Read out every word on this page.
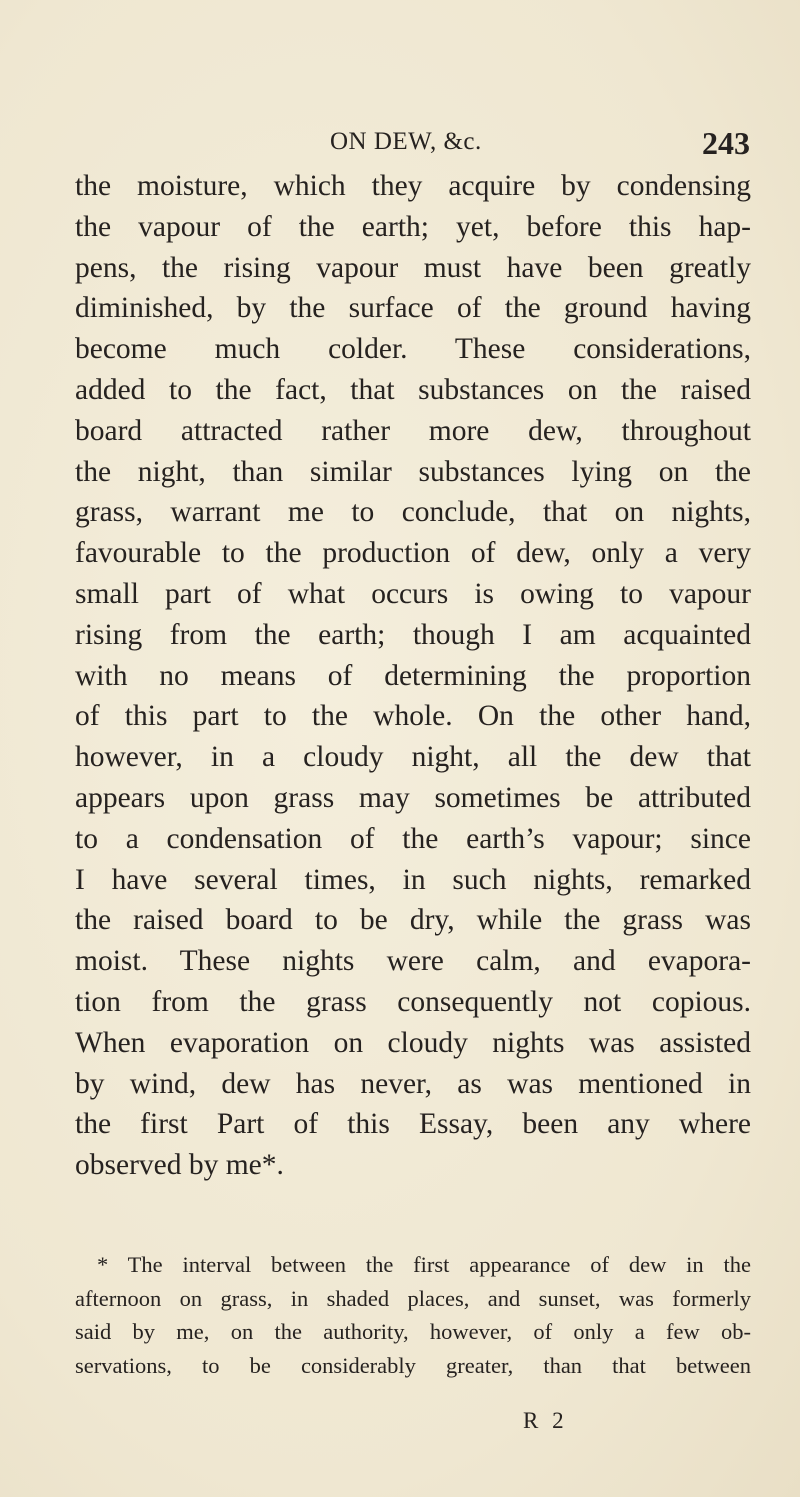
ON DEW, &c.	243
the moisture, which they acquire by condensing
the vapour of the earth; yet, before this hap-
pens, the rising vapour must have been greatly
diminished, by the surface of the ground having
become much colder. These considerations,
added to the fact, that substances on the raised
board attracted rather more dew, throughout
the night, than similar substances lying on the
grass, warrant me to conclude, that on nights,
favourable to the production of dew, only a very
small part of what occurs is owing to vapour
rising from the earth; though I am acquainted
with no means of determining the proportion
of this part to the whole. On the other hand,
however, in a cloudy night, all the dew that
appears upon grass may sometimes be attributed
to a condensation of the earth’s vapour; since
I have several times, in such nights, remarked
the raised board to be dry, while the grass was
moist. These nights were calm, and evapora-
tion from the grass consequently not copious.
When evaporation on cloudy nights was assisted
by wind, dew has never, as was mentioned in
the first Part of this Essay, been any where
observed by me*.
* The interval between the first appearance of dew in the
afternoon on grass, in shaded places, and sunset, was formerly
said by me, on the authority, however, of only a few ob-
servations, to be considerably greater, than that between
R 2
